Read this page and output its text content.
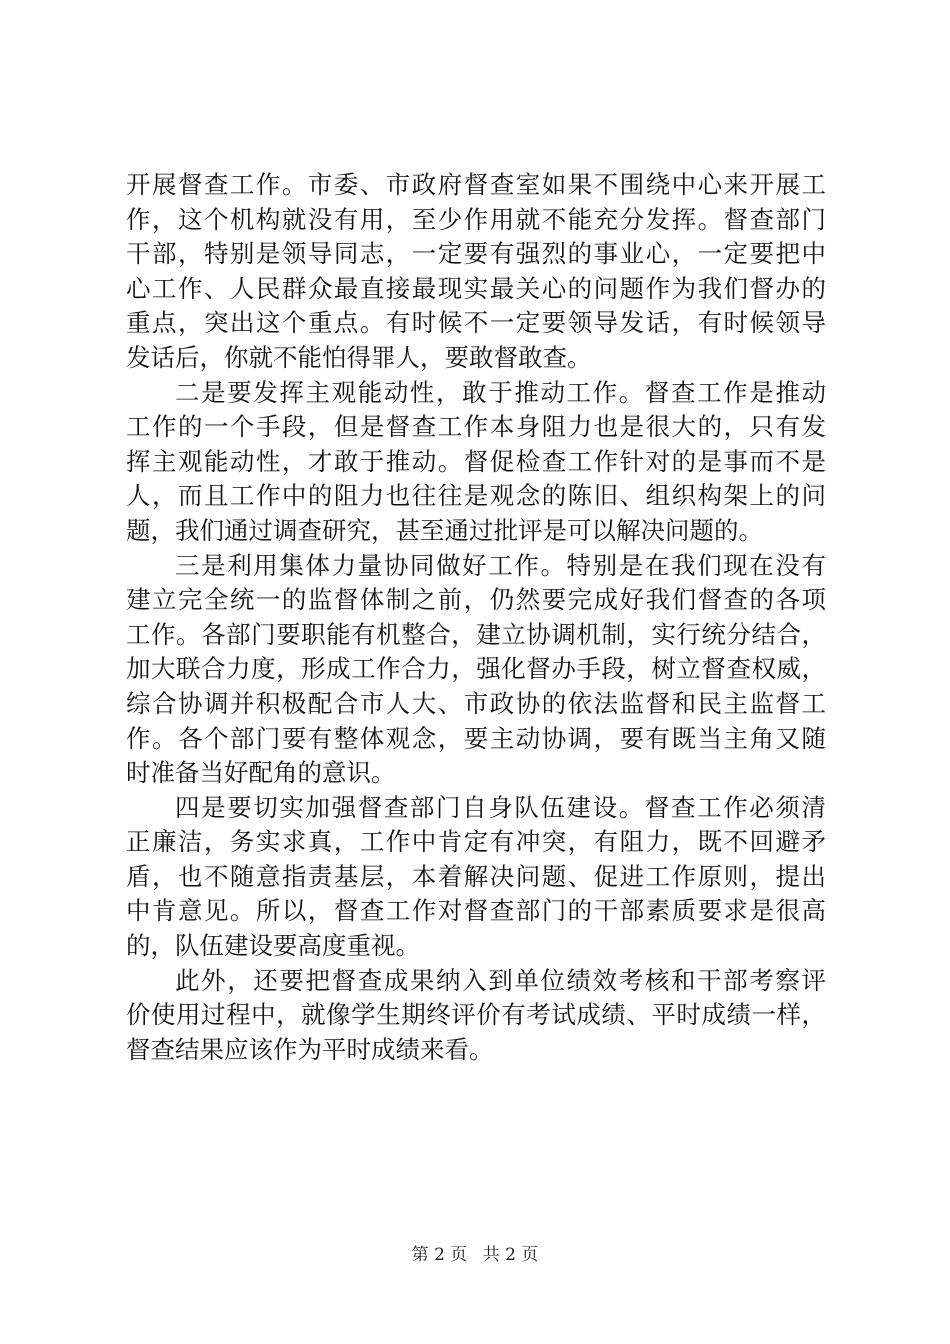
开展督查工作。市委、市政府督查室如果不围绕中心来开展工
作，这个机构就没有用，至少作用就不能充分发挥。督查部门
干部，特别是领导同志，一定要有强烈的事业心，一定要把中
心工作、人民群众最直接最现实最关心的问题作为我们督办的
重点，突出这个重点。有时候不一定要领导发话，有时候领导
发话后，你就不能怕得罪人，要敢督敢查。
二是要发挥主观能动性，敢于推动工作。督查工作是推动
工作的一个手段，但是督查工作本身阻力也是很大的，只有发
挥主观能动性，才敢于推动。督促检查工作针对的是事而不是
人，而且工作中的阻力也往往是观念的陈旧、组织构架上的问
题，我们通过调查研究，甚至通过批评是可以解决问题的。
三是利用集体力量协同做好工作。特别是在我们现在没有
建立完全统一的监督体制之前，仍然要完成好我们督查的各项
工作。各部门要职能有机整合，建立协调机制，实行统分结合，
加大联合力度，形成工作合力，强化督办手段，树立督查权威，
综合协调并积极配合市人大、市政协的依法监督和民主监督工
作。各个部门要有整体观念，要主动协调，要有既当主角又随
时准备当好配角的意识。
四是要切实加强督查部门自身队伍建设。督查工作必须清
正廉洁，务实求真，工作中肯定有冲突，有阻力，既不回避矛
盾，也不随意指责基层，本着解决问题、促进工作原则，提出
中肯意见。所以，督查工作对督查部门的干部素质要求是很高
的，队伍建设要高度重视。
此外，还要把督查成果纳入到单位绩效考核和干部考察评
价使用过程中，就像学生期终评价有考试成绩、平时成绩一样，
督查结果应该作为平时成绩来看。
第 2 页 共 2 页
